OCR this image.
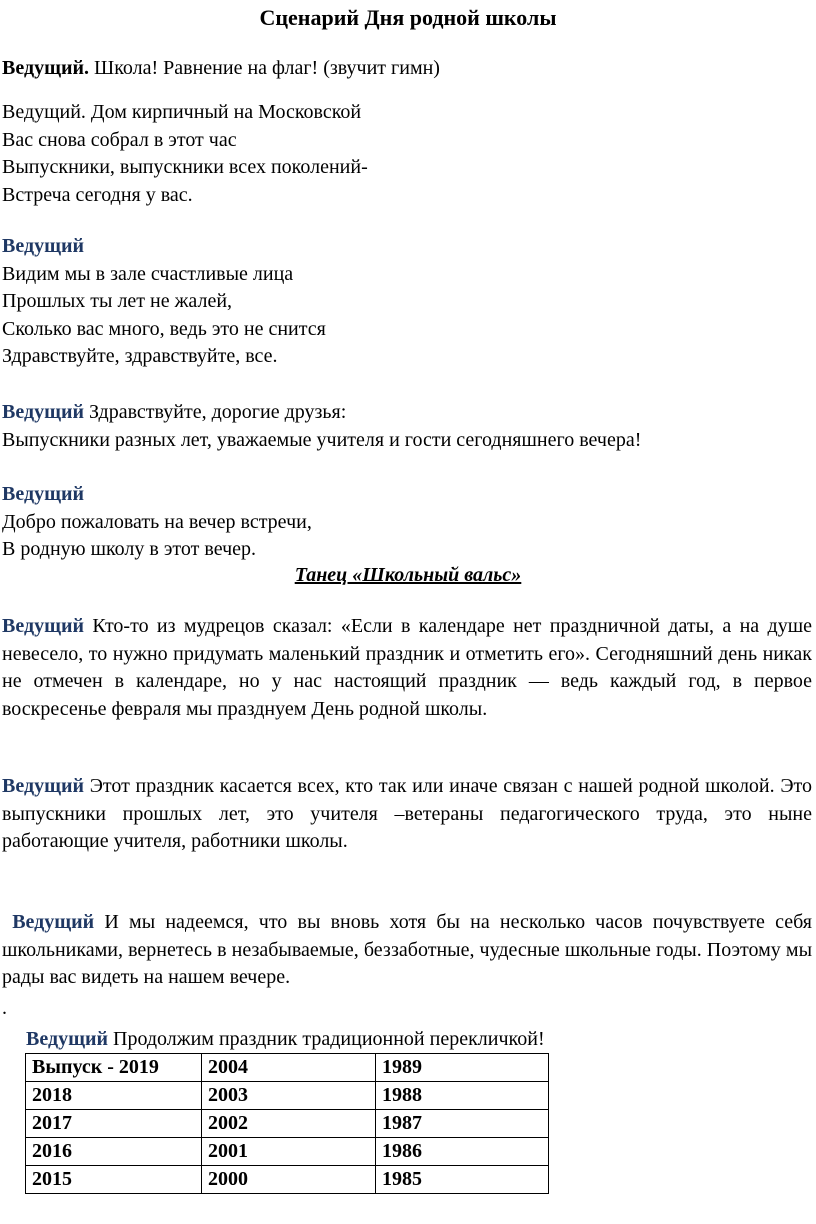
Сценарий Дня родной школы

Ведущий. Школа! Равнение на флаг! (звучит гимн)

Ведущий. Дом кирпичный на Московской
Вас снова собрал в этот час
Выпускники, выпускники всех поколений-
Встреча сегодня у вас.

Ведущий
Видим мы в зале счастливые лица
Прошлых ты лет не жалей,
Сколько вас много, ведь это не снится
Здравствуйте, здравствуйте, все.

Ведущий Здравствуйте, дорогие друзья:
Выпускники разных лет, уважаемые учителя и гости сегодняшнего вечера!

Ведущий
Добро пожаловать на вечер встречи,
В родную школу в этот вечер.

Танец «Школьный вальс»

Ведущий Кто-то из мудрецов сказал: «Если в календаре нет праздничной даты, а на душе невесело, то нужно придумать маленький праздник и отметить его». Сегодняшний день никак не отмечен в календаре, но у нас настоящий праздник — ведь каждый год, в первое воскресенье февраля мы празднуем День родной школы.

Ведущий Этот праздник касается всех, кто так или иначе связан с нашей родной школой. Это выпускники прошлых лет, это учителя –ветераны педагогического труда, это ныне работающие учителя, работники школы.

Ведущий И мы надеемся, что вы вновь хотя бы на несколько часов почувствуете себя школьниками, вернетесь в незабываемые, беззаботные, чудесные школьные годы. Поэтому мы рады вас видеть на нашем вечере.

.
Ведущий Продолжим праздник традиционной перекличкой!
Выпуск - 2019	2004	1989
2018	2003	1988
2017	2002	1987
2016	2001	1986
2015	2000	1985
